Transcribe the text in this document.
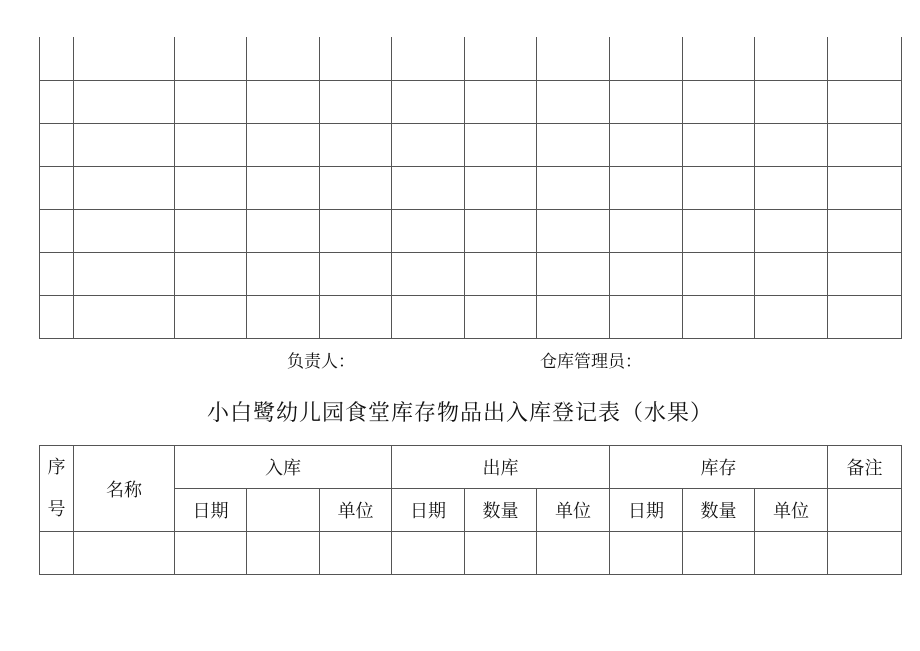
负责人：	仓库管理员：
小白鹭幼儿园食堂库存物品出入库登记表（水果）
序
号	名称	入库			出库			库存			备注
		日期		单位	日期	数量	单位	日期	数量	单位	
